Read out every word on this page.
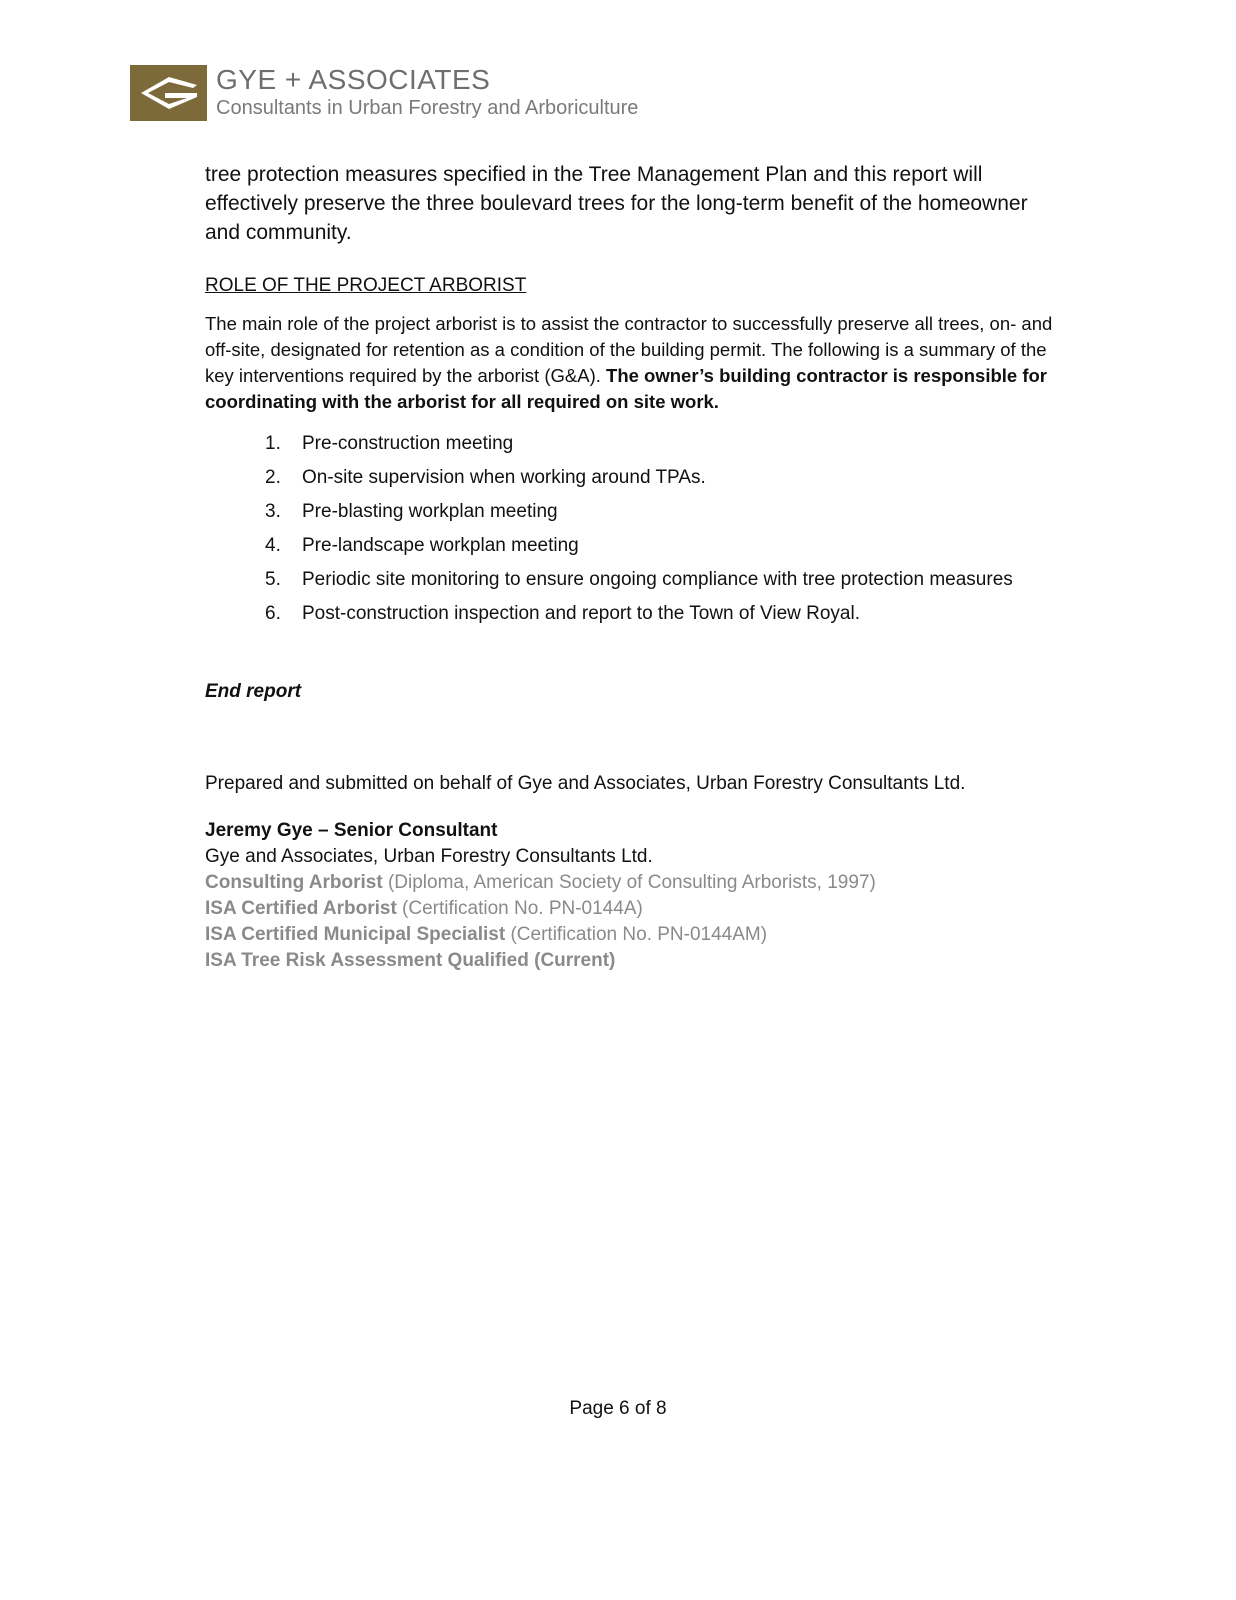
GYE + ASSOCIATES
Consultants in Urban Forestry and Arboriculture

tree protection measures specified in the Tree Management Plan and this report will effectively preserve the three boulevard trees for the long-term benefit of the homeowner and community.

ROLE OF THE PROJECT ARBORIST

The main role of the project arborist is to assist the contractor to successfully preserve all trees, on- and off-site, designated for retention as a condition of the building permit. The following is a summary of the key interventions required by the arborist (G&A). The owner’s building contractor is responsible for coordinating with the arborist for all required on site work.

1.	Pre-construction meeting
2.	On-site supervision when working around TPAs.
3.	Pre-blasting workplan meeting
4.	Pre-landscape workplan meeting
5.	Periodic site monitoring to ensure ongoing compliance with tree protection measures
6.	Post-construction inspection and report to the Town of View Royal.

End report

Prepared and submitted on behalf of Gye and Associates, Urban Forestry Consultants Ltd.

Jeremy Gye – Senior Consultant
Gye and Associates, Urban Forestry Consultants Ltd.
Consulting Arborist (Diploma, American Society of Consulting Arborists, 1997)
ISA Certified Arborist (Certification No. PN-0144A)
ISA Certified Municipal Specialist (Certification No. PN-0144AM)
ISA Tree Risk Assessment Qualified (Current)
Page 6 of 8
